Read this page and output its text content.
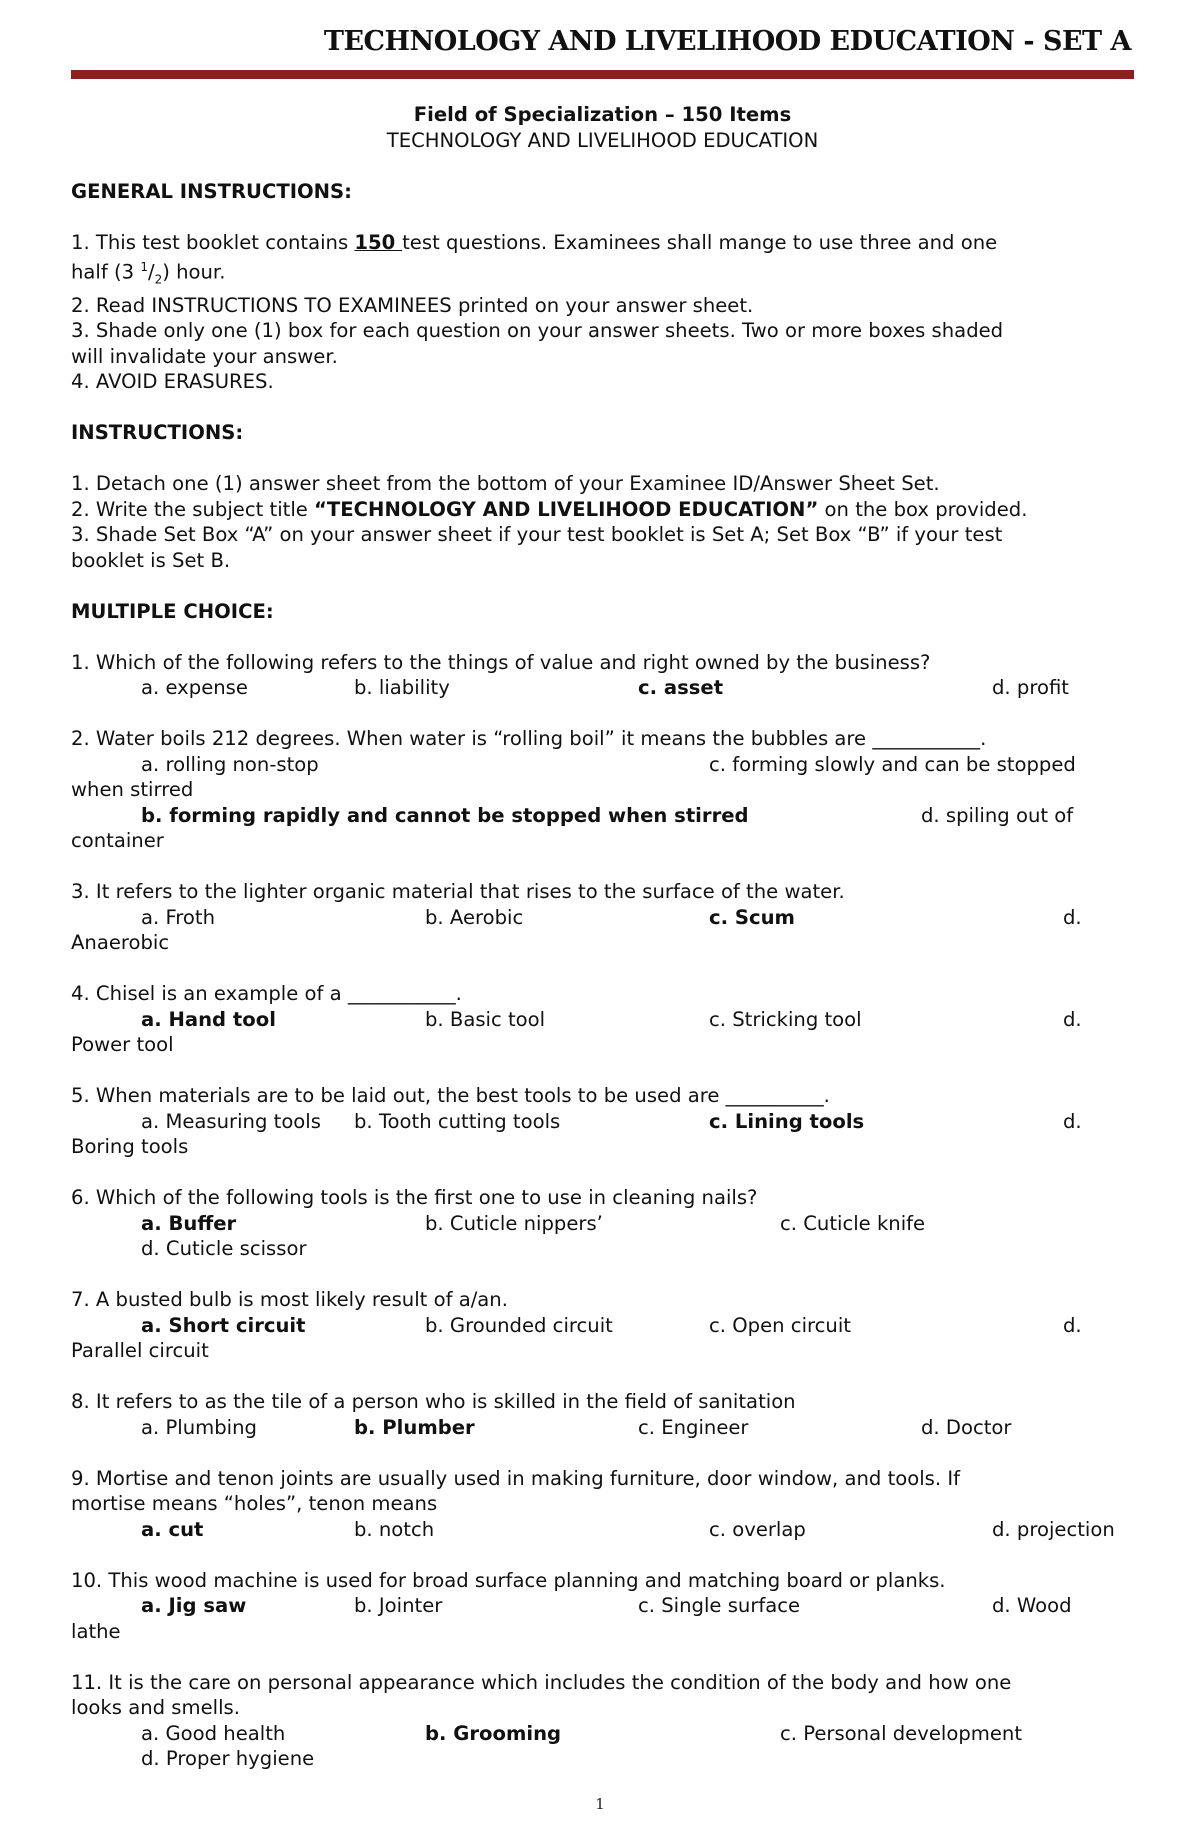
TECHNOLOGY AND LIVELIHOOD EDUCATION - SET A
Field of Specialization – 150 Items
TECHNOLOGY AND LIVELIHOOD EDUCATION
GENERAL INSTRUCTIONS:
1. This test booklet contains 150 test questions. Examinees shall mange to use three and one
half (3 $^1/_2$) hour.
2. Read INSTRUCTIONS TO EXAMINEES printed on your answer sheet.
3. Shade only one (1) box for each question on your answer sheets. Two or more boxes shaded
will invalidate your answer.
4. AVOID ERASURES.
INSTRUCTIONS:
1. Detach one (1) answer sheet from the bottom of your Examinee ID/Answer Sheet Set.
2. Write the subject title “TECHNOLOGY AND LIVELIHOOD EDUCATION” on the box provided.
3. Shade Set Box “A” on your answer sheet if your test booklet is Set A; Set Box “B” if your test
booklet is Set B.
MULTIPLE CHOICE:
1. Which of the following refers to the things of value and right owned by the business?
a. expense	b. liability	c. asset	d. profit
2. Water boils 212 degrees. When water is “rolling boil” it means the bubbles are ___________.
a. rolling non-stop	c. forming slowly and can be stopped
when stirred
b. forming rapidly and cannot be stopped when stirred	d. spiling out of
container
3. It refers to the lighter organic material that rises to the surface of the water.
a. Froth	b. Aerobic	c. Scum	d.
Anaerobic
4. Chisel is an example of a ___________.
a. Hand tool	b. Basic tool	c. Stricking tool	d.
Power tool
5. When materials are to be laid out, the best tools to be used are __________.
a. Measuring tools b. Tooth cutting tools	c. Lining tools	d.
Boring tools
6. Which of the following tools is the first one to use in cleaning nails?
a. Buffer	b. Cuticle nippers’	c. Cuticle knife
d. Cuticle scissor
7. A busted bulb is most likely result of a/an.
a. Short circuit	b. Grounded circuit	c. Open circuit	d.
Parallel circuit
8. It refers to as the tile of a person who is skilled in the field of sanitation
a. Plumbing	b. Plumber	c. Engineer	d. Doctor
9. Mortise and tenon joints are usually used in making furniture, door window, and tools. If
mortise means “holes”, tenon means
a. cut	b. notch	c. overlap	d. projection
10. This wood machine is used for broad surface planning and matching board or planks.
a. Jig saw	b. Jointer	c. Single surface	d. Wood
lathe
11. It is the care on personal appearance which includes the condition of the body and how one
looks and smells.
a. Good health	b. Grooming	c. Personal development
d. Proper hygiene
1
